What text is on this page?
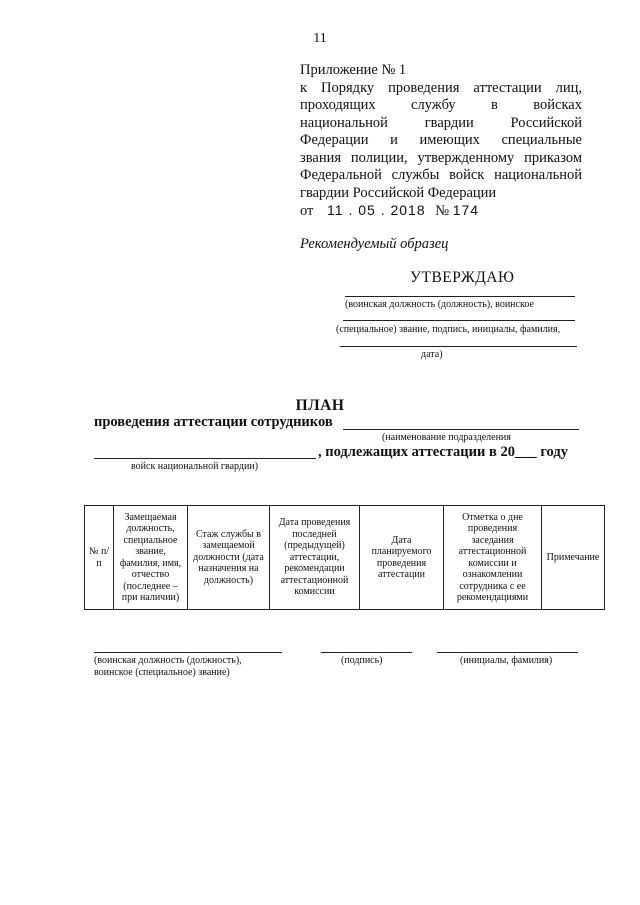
11
Приложение № 1
к Порядку проведения аттестации лиц,
проходящих службу в войсках
национальной гвардии Российской
Федерации и имеющих специальные
звания полиции, утвержденному приказом
Федеральной службы войск национальной
гвардии Российской Федерации
от 11 . 05 . 2018 № 174
Рекомендуемый образец
УТВЕРЖДАЮ
(воинская должность (должность), воинское
(специальное) звание, подпись, инициалы, фамилия,
дата)
ПЛАН
проведения аттестации сотрудников
(наименование подразделения
, подлежащих аттестации в 20___ году
войск национальной гвардии)
№ п/п	Замещаемая должность, специальное звание, фамилия, имя, отчество (последнее – при наличии)	Стаж службы в замещаемой должности (дата назначения на должность)	Дата проведения последней (предыдущей) аттестации, рекомендации аттестационной комиссии	Дата планируемого проведения аттестации	Отметка о дне проведения заседания аттестационной комиссии и ознакомлении сотрудника с ее рекомендациями	Примечание
(воинская должность (должность),
воинское (специальное) звание)
(подпись)	(инициалы, фамилия)
